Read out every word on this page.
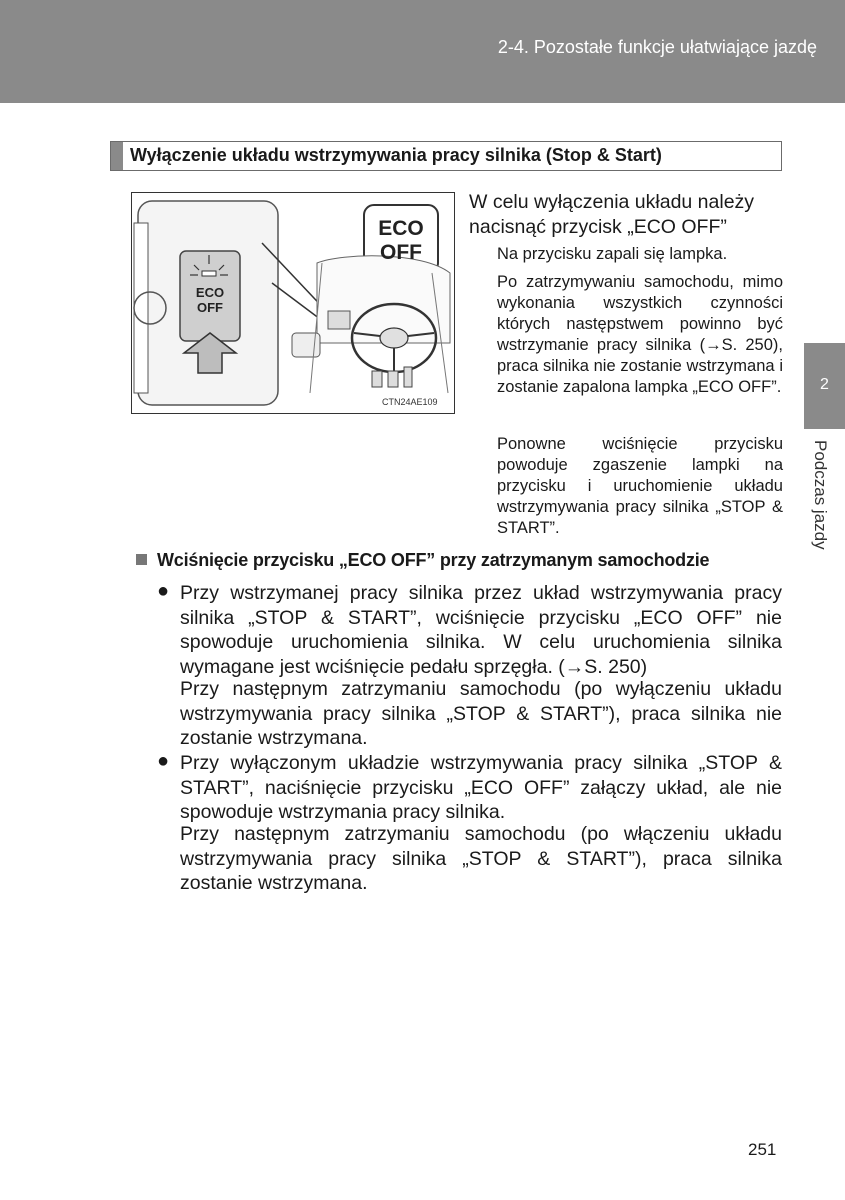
2-4. Pozostałe funkcje ułatwiające jazdę
Wyłączenie układu wstrzymywania pracy silnika (Stop & Start)
ECO
OFF
ECO
OFF
CTN24AE109
W celu wyłączenia układu należy
nacisnąć przycisk „ECO OFF”
Na przycisku zapali się lampka.
Po zatrzymywaniu samochodu, mimo wykonania wszystkich czynności których następstwem powinno być wstrzymanie pracy silnika (→S. 250), praca silnika nie zostanie wstrzymana i zostanie zapalona lampka „ECO OFF”.
Ponowne wciśnięcie przycisku powoduje zgaszenie lampki na przycisku i uruchomienie układu wstrzymywania pracy silnika „STOP & START”.
Wciśnięcie przycisku „ECO OFF” przy zatrzymanym samochodzie
● Przy wstrzymanej pracy silnika przez układ wstrzymywania pracy silnika „STOP & START”, wciśnięcie przycisku „ECO OFF” nie spowoduje uruchomienia silnika. W celu uruchomienia silnika wymagane jest wciśnięcie pedału sprzęgła. (→S. 250)
Przy następnym zatrzymaniu samochodu (po wyłączeniu układu wstrzymywania pracy silnika „STOP & START”), praca silnika nie zostanie wstrzymana.
● Przy wyłączonym układzie wstrzymywania pracy silnika „STOP & START”, naciśnięcie przycisku „ECO OFF” załączy układ, ale nie spowoduje wstrzymania pracy silnika.
Przy następnym zatrzymaniu samochodu (po włączeniu układu wstrzymywania pracy silnika „STOP & START”), praca silnika zostanie wstrzymana.
2
Podczas jazdy
251
